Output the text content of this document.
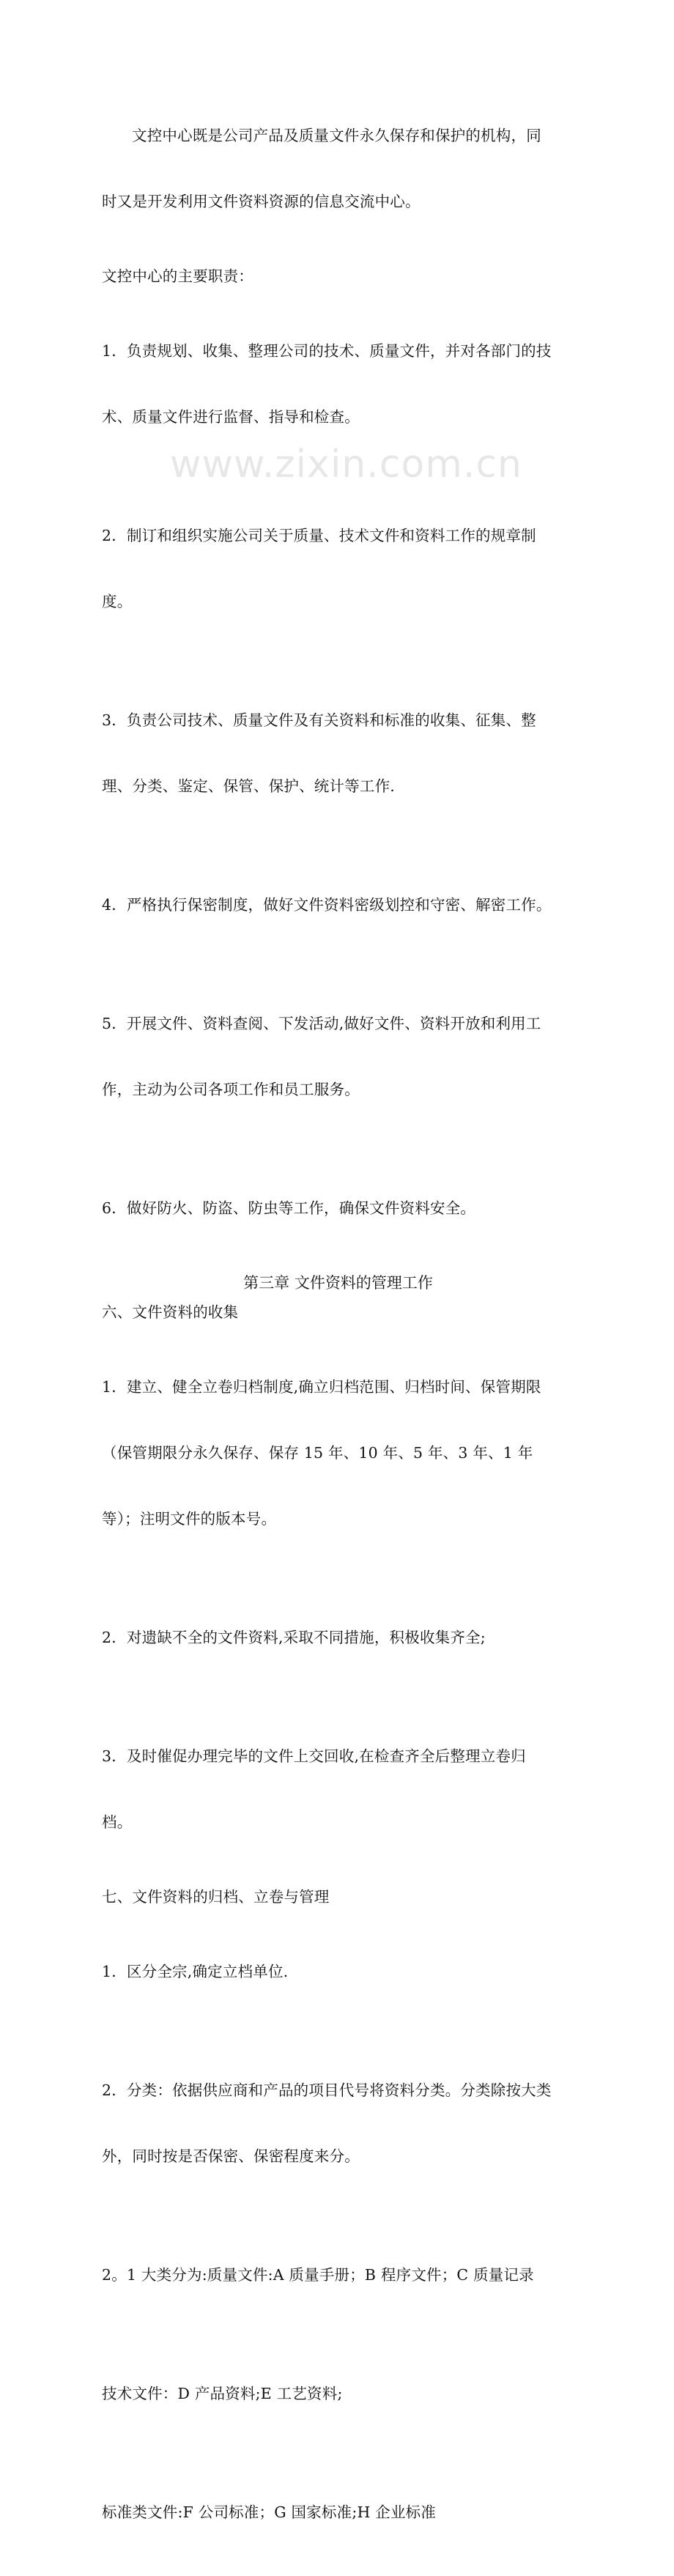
www.zixin.com.cn

文控中心既是公司产品及质量文件永久保存和保护的机构，同

时又是开发利用文件资料资源的信息交流中心。

文控中心的主要职责：

1．负责规划、收集、整理公司的技术、质量文件，并对各部门的技

术、质量文件进行监督、指导和检查。

2．制订和组织实施公司关于质量、技术文件和资料工作的规章制

度。

3．负责公司技术、质量文件及有关资料和标准的收集、征集、整

理、分类、鉴定、保管、保护、统计等工作.

4．严格执行保密制度，做好文件资料密级划控和守密、解密工作。

5．开展文件、资料查阅、下发活动,做好文件、资料开放和利用工

作，主动为公司各项工作和员工服务。

6．做好防火、防盗、防虫等工作，确保文件资料安全。

第三章 文件资料的管理工作

六、文件资料的收集

1．建立、健全立卷归档制度,确立归档范围、归档时间、保管期限

（保管期限分永久保存、保存 15 年、10 年、5 年、3 年、1 年

等）；注明文件的版本号。

2．对遗缺不全的文件资料,采取不同措施，积极收集齐全;

3．及时催促办理完毕的文件上交回收,在检查齐全后整理立卷归

档。

七、文件资料的归档、立卷与管理

1．区分全宗,确定立档单位.

2．分类：依据供应商和产品的项目代号将资料分类。分类除按大类

外，同时按是否保密、保密程度来分。

2。1 大类分为:质量文件:A 质量手册；B 程序文件；C 质量记录

技术文件：D 产品资料;E 工艺资料;

标准类文件:F 公司标准；G 国家标准;H 企业标准
